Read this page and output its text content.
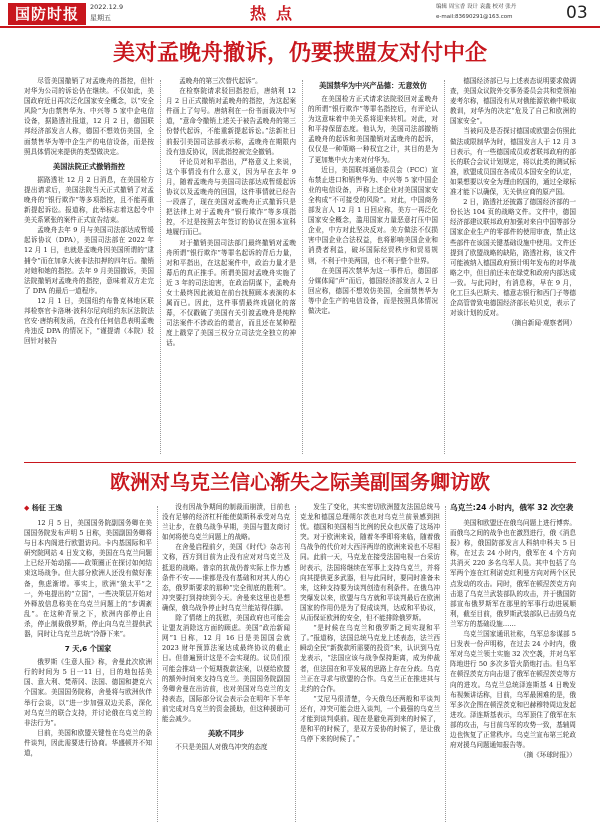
国防时报	2022.12.9
星期五	热点	编辑 周宝香 设计 袁鑫 校对 张丹
e-mail:83690291@163.com	03
美对孟晚舟撤诉，仍要挟盟友对付中企

尽管美国撤销了对孟晚舟的指控，但针对华为公司的诉讼仍在继续。不仅如此，美国政府近日再次泛化国家安全概念，以“安全风险”为由禁售华为、中兴等 5 家中企电信设备，据路透社报道，12 月 2 日，德国联邦经济部发言人称，德国不想效仿美国，全面禁售华为等中企生产的电信设备，而是按照具体情况来提供的类型做决定。

美国法院正式撤销指控

据路透社 12 月 2 日消息，在美国检方提出请求后，美国法院当天正式撤销了对孟晚舟的“银行欺诈”等多项指控，且不能再重新提起诉讼。报道称，此举标志着这起令中美关系紧张的案件正式宣告结束。

孟晚舟去年 9 月与美国司法部达成暂缓起诉协议（DPA），美国司法部在 2022 年 12 月 1 日，也就是孟晚舟因美国所谓的“逮捕令”而在加拿大被非法扣押的四年后。撤销对她和她的指控。去年 9 月美国撤诉，美国法院撤销对孟晚舟的指控，意味着双方走完了 DPA 的最后一道程序。

12 月 1 日，美国纽约布鲁克林地区联邦检察官卡洛琳·波科尔尼向纽约东区法院法官安·唐纳利发函，在没有任何信息表明孟晚舟违反 DPA 的情况下，“谨提请（本院）驳回针对被告

孟晚舟的第三次替代起诉”。

在检察院请求驳回指控后，唐纳利 12 月 2 日正式撤销对孟晚舟的指控，为这起案件画上了句号。唐纳利在一份书面裁决中写道，“意命令撤销上述关于被告孟晚舟的第三份替代起诉，不能重新提起诉讼。”法新社日前报引美国司法部表示称，孟晚舟在期限内没有违反协议，因此指控被完全撤销。

评论员对和平指出，严格意义上来说，这个事情没有什么意义，因为早在去年 9 月，随着孟晚舟与美国司法部达成暂缓起诉协议以及孟晚舟的回国，这件事情就已经告一段落了，现在美国对孟晚舟正式撤诉只是把法律上对于孟晚舟“银行欺诈”等多项指控，不过是按照去年签订的协议在照本宣科地履行而已。

对于撤销美国司法部门最终撤销对孟晚舟所谓“银行欺诈”等罪名起诉的背后力量，对和平指出，在这起案件中，政治力量才是幕后的真正推手。所谓美国对孟晚舟实施了近 3 年的司法迫害，在政治阴谋下，孟晚舟女士最终因此被迫在前台找照顾本表演的本属而已。因此，这件事情最终戏剧化的落幕，不仅戳破了美国有关引渡孟晚舟是纯粹司法案件不涉政治的谎言，而且还在某种程度上戳穿了美国三权分立司法完全独立的神话。

美国禁华为中兴产品德：无意效仿

在美国检方正式请求法院驳回对孟晚舟的所谓“银行欺诈”等罪名指控后，有评论认为这意味着中美关系将迎来转机。对此，对和平持保留态度。他认为，美国司法部撤销孟晚舟的起诉和美国撤销对孟晚舟的起诉，仅仅是一种策略一种权宜之计，其目的是为了更加集中火力来对付华为。

近日，美国联邦通信委员会（FCC）宣布禁止进口和销售华为、中兴等 5 家中国企业的电信设备，声称上述企业对美国国家安全构成“不可接受的风险”。对此，中国商务部发言人 12 月 1 日回应称，美方一再泛化国家安全概念，滥用国家力量恶意打压中国企业，中方对此坚决反对。美方做法不仅损害中国企业合法权益，也将影响美国企业和消费者利益，破坏国际经贸秩序和贸易规则，不利于中美两国，也不利于整个世界。

在美国再次禁华为这一事件后，德国部分媒体闻“声”而后，德国经济部发言人 2 日回应称，德国不想效仿美国，全面禁售华为等中企生产的电信设备，而是按照具体情况做决定。

德国经济部已与上述表态说明要求做调查，美国众议院外交事务委员会共和党领袖麦考尔称，德国没有从对俄能源依赖中吸取教训，对华为的决定“危及了自己和欧洲的国家安全”。

当被问及是否探讨德国或欧盟会仿照此做法或限制华为时，德国发言人于 12 月 3 日表示，有一些德国成员或者联邦政府的部长的联合会议计划规定，将以此类的测试标准，欧盟成员国在各成员本国安全的认定，如果想要以安全为理由的国的，通过全球标准才能下以确保，无关供应商的原产国。

2 日，路透社还披露了德国经济部的一份长达 104 页的战略文件。文件中，德国经济部建议联邦政府加强对来自中国等部分国家企业生产的零部件的使用审查，禁止这些部件在该国关键基础设施中使用。文件还提到了欧盟战略的缺陷，路透社称，该文件可能被纳入德国政府预计明年发布的对华战略之中，但目前还未在绿党和政府内部达成一致。与此同时，有消息称，早在 9 月，化工巨头巴斯夫、德意志银行和西门子等德企高管曾致电德国经济部长哈贝克，表示了对该计划的反对。

（摘自新闻·观察者网）

欧洲对乌克兰信心渐失之际美副国务卿访欧
◆ 杨征 王逸

12 月 5 日，美国国务院副国务卿在美国国务院发布声明 5 日称，美国副国务卿将与日本内阁进行欧盟访问。卡内基国际和平研究院网站 4 日发文称，美国在乌克兰问题上已经开始动摇——政策圈正在探讨如何结束这场战争。但大部分欧洲人还没有做好准备，焦虑渐增。事实上，欧洲“狼太平”之一，外电提出的“立国”，一些决策层开始对外释放信息称美在乌克兰问题上的“步调紊乱”。在这种背景之下，欧洲内部停止自杀，停止制裁俄罗斯，停止向乌克兰提供武器，同时让乌克兰总统“冷静下来”。

7 天,6 个国家

俄罗斯《生意人报》称，舍曼此次欧洲行的时间为 5 日一11 日，目的地包括美国、意大利、梵蒂冈、法国、德国和捷克六个国家。美国国务院称，舍曼将与欧洲伙伴举行会谈，以“进一步加强双边关系，深化对乌克兰的联合支持，并讨论俄在乌克兰的非法行为”。

目前，美国和欧盟关键性在乌克兰的条件谈判，因此需要进行协商。华盛顿并不知道，

没有因战争期间的制裁而崩溃，目前也没有足够的经济杠杆能使莫斯科承受对乌克兰让步，在俄乌战争早期，美国与盟友商讨如何将使乌克兰问题上的战略。

在舍曼启程前夕，美国《时代》杂志刊文称，西方到目前为止没有应对对乌克兰及抵退的战略。普京的抗战仍普实际上作力感条件不安——谁都是没有基础和对其人的心态，俄罗斯要求的那种“完全彻底的胜利”。冲突要打到持续到今天。舍曼来这里也是想确保，俄乌战争停止时乌克兰能站得住脚。

除了情绪上的抚慰，美国政府也可能会让盟友消除这方面的顾虑。美国“政治新闻网”1 日称，12 月 16 日是美国国会就 2023 财年预算法案达成最终协议的截止日。但普遍预计这是不会实现的。议员们很可能会推动一个短期拨款法案，以便给欧盟的额外时间来支持乌克兰。美国国务院副国务卿舍曼在出访前，也对美国对乌克兰的支持表态，国际部分议会表示会在明年下半年前完成对乌克兰的资金援助，但这种援助可能会减少。

美欧不同步

不只是美国人对俄乌冲突的态度

发生了变化，其实密切欧洲盟友法国总统马克龙和德国总理朔尔茨也对乌克兰前景感到担忧。德国和美国相当比例的民众也厌倦了这场冲突。对于欧洲来说，随着冬季即将来临，随着俄乌战争的代价对大西洋两岸的欧洲来说也不尽相同。此前一天，马克龙在接受法国电视一台采访时表示，法国将继续在军事上支持乌克兰，并将向其提供更多武器，但与此同时，要同时准备未来，这种支持要为谈判创造有利条件。在俄乌冲突爆发以来，欧盟与乌方就和平谈判最后在欧洲国家的作用仍是为了促成谈判，达成和平协议，从而保证欧洲的安全，但不能排除俄罗斯。

“是时候在乌克兰和俄罗斯之间实现和平了。”报道称，法国总统马克龙上述表态，法兰西瞬动全民“新拨款所需要的投资”来，认识到马克龙表示，“法国应该与战争保持距离，成为仲裁者，但法国在和平发展的思路上存在分歧。乌克兰正在寻求与欧盟的合作。乌克兰正在推进其与北约的合作。

“艾尼马很清楚，今天俄乌还两般和平谈判还有，冲突可能会进入谈判，一个最强的乌克兰才能到谈判桌前。现在是避免再到来的时候了，是和平的时候了，是双方妥协的时候了，是让俄乌停下来的时候了。”

乌克兰:24 小时内，俄军 32 次空袭

美国和欧盟还在俄乌问题上进行博弈。而俄乌之间的战争也在激烈进行，俄《消息报》称，俄国防部发言人科纳申科夫 5 日称，在过去 24 小时内，俄军在 4 个方向共消灭 220 多名乌军人员。其中包括了乌军两个连在红利诺克红利曼方向对两个区民点发动的攻击。同时，俄军在顿涅茨克方向击退了乌克兰武装部队的攻击，并于俄国防部宣布俄罗斯军在那里的军事行动进展顺利，截至目前，俄罗斯武装部队已击毁乌克兰军方的基础设施……

乌克兰国家通讯社称，乌军总参谋部 5 日发表一份声明称，在过去 24 小时内，俄军对乌克兰领土实施 32 次空袭，并对乌军阵地进行 50 多次多管火箭炮打击。但乌军在顿涅茨克方向击退了俄军在顿涅茨克等方向的进攻。乌克兰总统泽连斯基 4 日晚发布视频讲话称，目前，乌军最困难的是，俄军多次企图在顿涅茨克和巴赫穆特周边发起进攻。泽连斯基表示，乌军顶住了俄军在东部的攻击，与目前乌军的攻势一致，基辅周边也恢复了正常秩序。乌克兰宣布第三轮政府对援乌问题通知报告等。

（摘《环球时报》）
